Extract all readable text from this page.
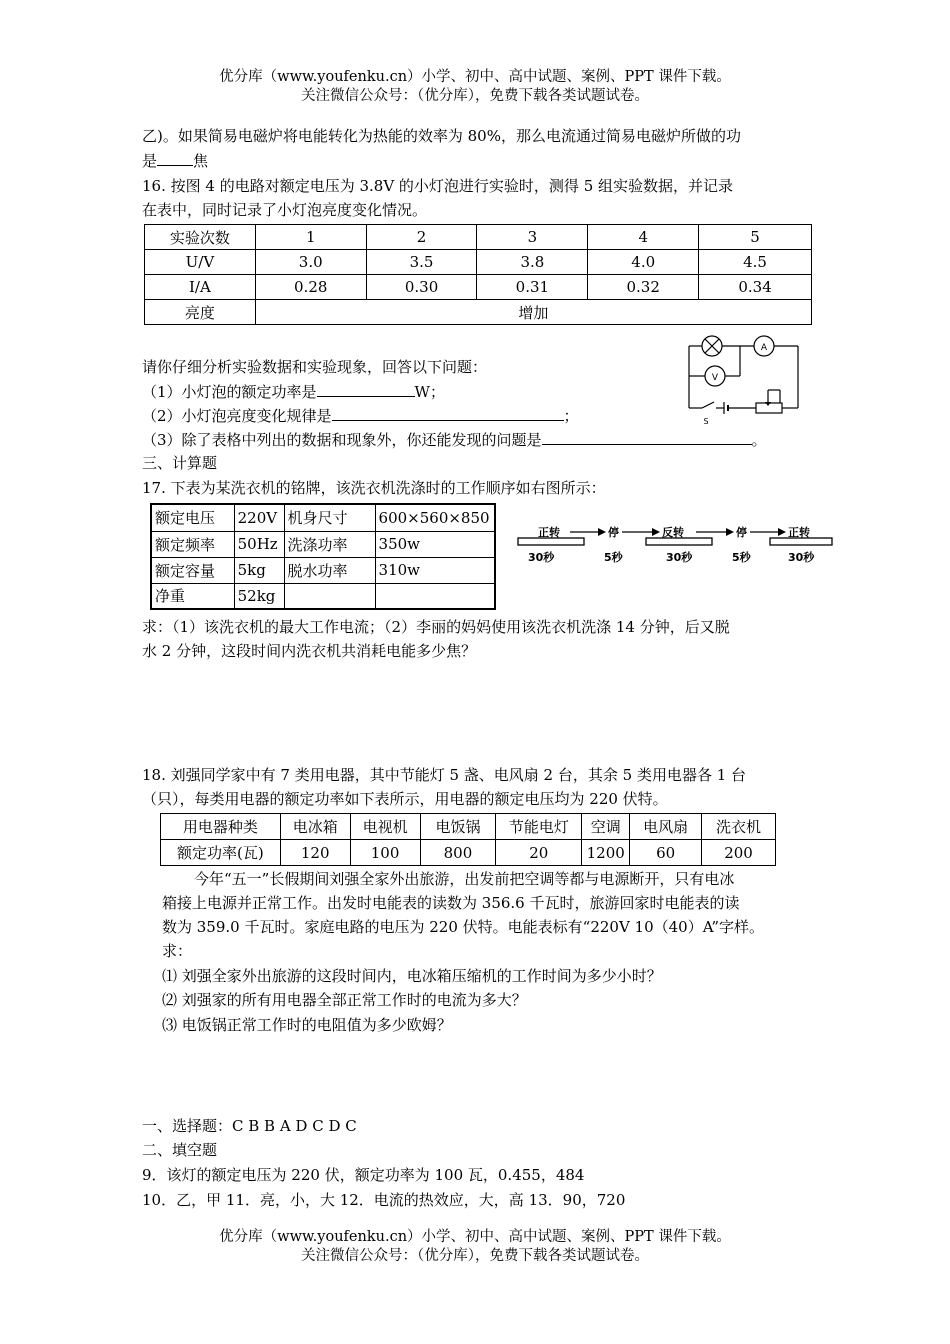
优分库（www.youfenku.cn）小学、初中、高中试题、案例、PPT 课件下载。
关注微信公众号：（优分库），免费下载各类试题试卷。
乙)。如果简易电磁炉将电能转化为热能的效率为 80%，那么电流通过简易电磁炉所做的功
是 焦
16. 按图 4 的电路对额定电压为 3.8V 的小灯泡进行实验时，测得 5 组实验数据，并记录
在表中，同时记录了小灯泡亮度变化情况。
实验次数	1	2	3	4	5
U/V	3.0	3.5	3.8	4.0	4.5
I/A	0.28	0.30	0.31	0.32	0.34
亮度	增加				
请你仔细分析实验数据和实验现象，回答以下问题：
（1）小灯泡的额定功率是	W；
（2）小灯泡亮度变化规律是	；
（3）除了表格中列出的数据和现象外，你还能发现的问题是	。
A
V
S
三、计算题
17. 下表为某洗衣机的铭牌，该洗衣机洗涤时的工作顺序如右图所示：
额定电压	220V	机身尺寸	600×560×850
额定频率	50Hz	洗涤功率	350w
额定容量	5kg	脱水功率	310w
净重	52kg		
正转	停	反转	停	正转
30秒	5秒	30秒	5秒	30秒
求：（1）该洗衣机的最大工作电流；（2）李丽的妈妈使用该洗衣机洗涤 14 分钟，后又脱
水 2 分钟，这段时间内洗衣机共消耗电能多少焦？
18. 刘强同学家中有 7 类用电器，其中节能灯 5 盏、电风扇 2 台，其余 5 类用电器各 1 台
（只），每类用电器的额定功率如下表所示，用电器的额定电压均为 220 伏特。
用电器种类	电冰箱	电视机	电饭锅	节能电灯	空调	电风扇	洗衣机
额定功率(瓦)	120	100	800	20	1200	60	200
今年“五一”长假期间刘强全家外出旅游，出发前把空调等都与电源断开，只有电冰
箱接上电源并正常工作。出发时电能表的读数为 356.6 千瓦时，旅游回家时电能表的读
数为 359.0 千瓦时。家庭电路的电压为 220 伏特。电能表标有“220V 10（40）A”字样。
求：
⑴ 刘强全家外出旅游的这段时间内，电冰箱压缩机的工作时间为多少小时？
⑵ 刘强家的所有用电器全部正常工作时的电流为多大？
⑶ 电饭锅正常工作时的电阻值为多少欧姆？
一、选择题：C B B A D C D C
二、填空题
9．该灯的额定电压为 220 伏，额定功率为 100 瓦，0.455，484
10．乙，甲 11．亮，小，大 12．电流的热效应，大，高 13．90，720
优分库（www.youfenku.cn）小学、初中、高中试题、案例、PPT 课件下载。
关注微信公众号：（优分库），免费下载各类试题试卷。
